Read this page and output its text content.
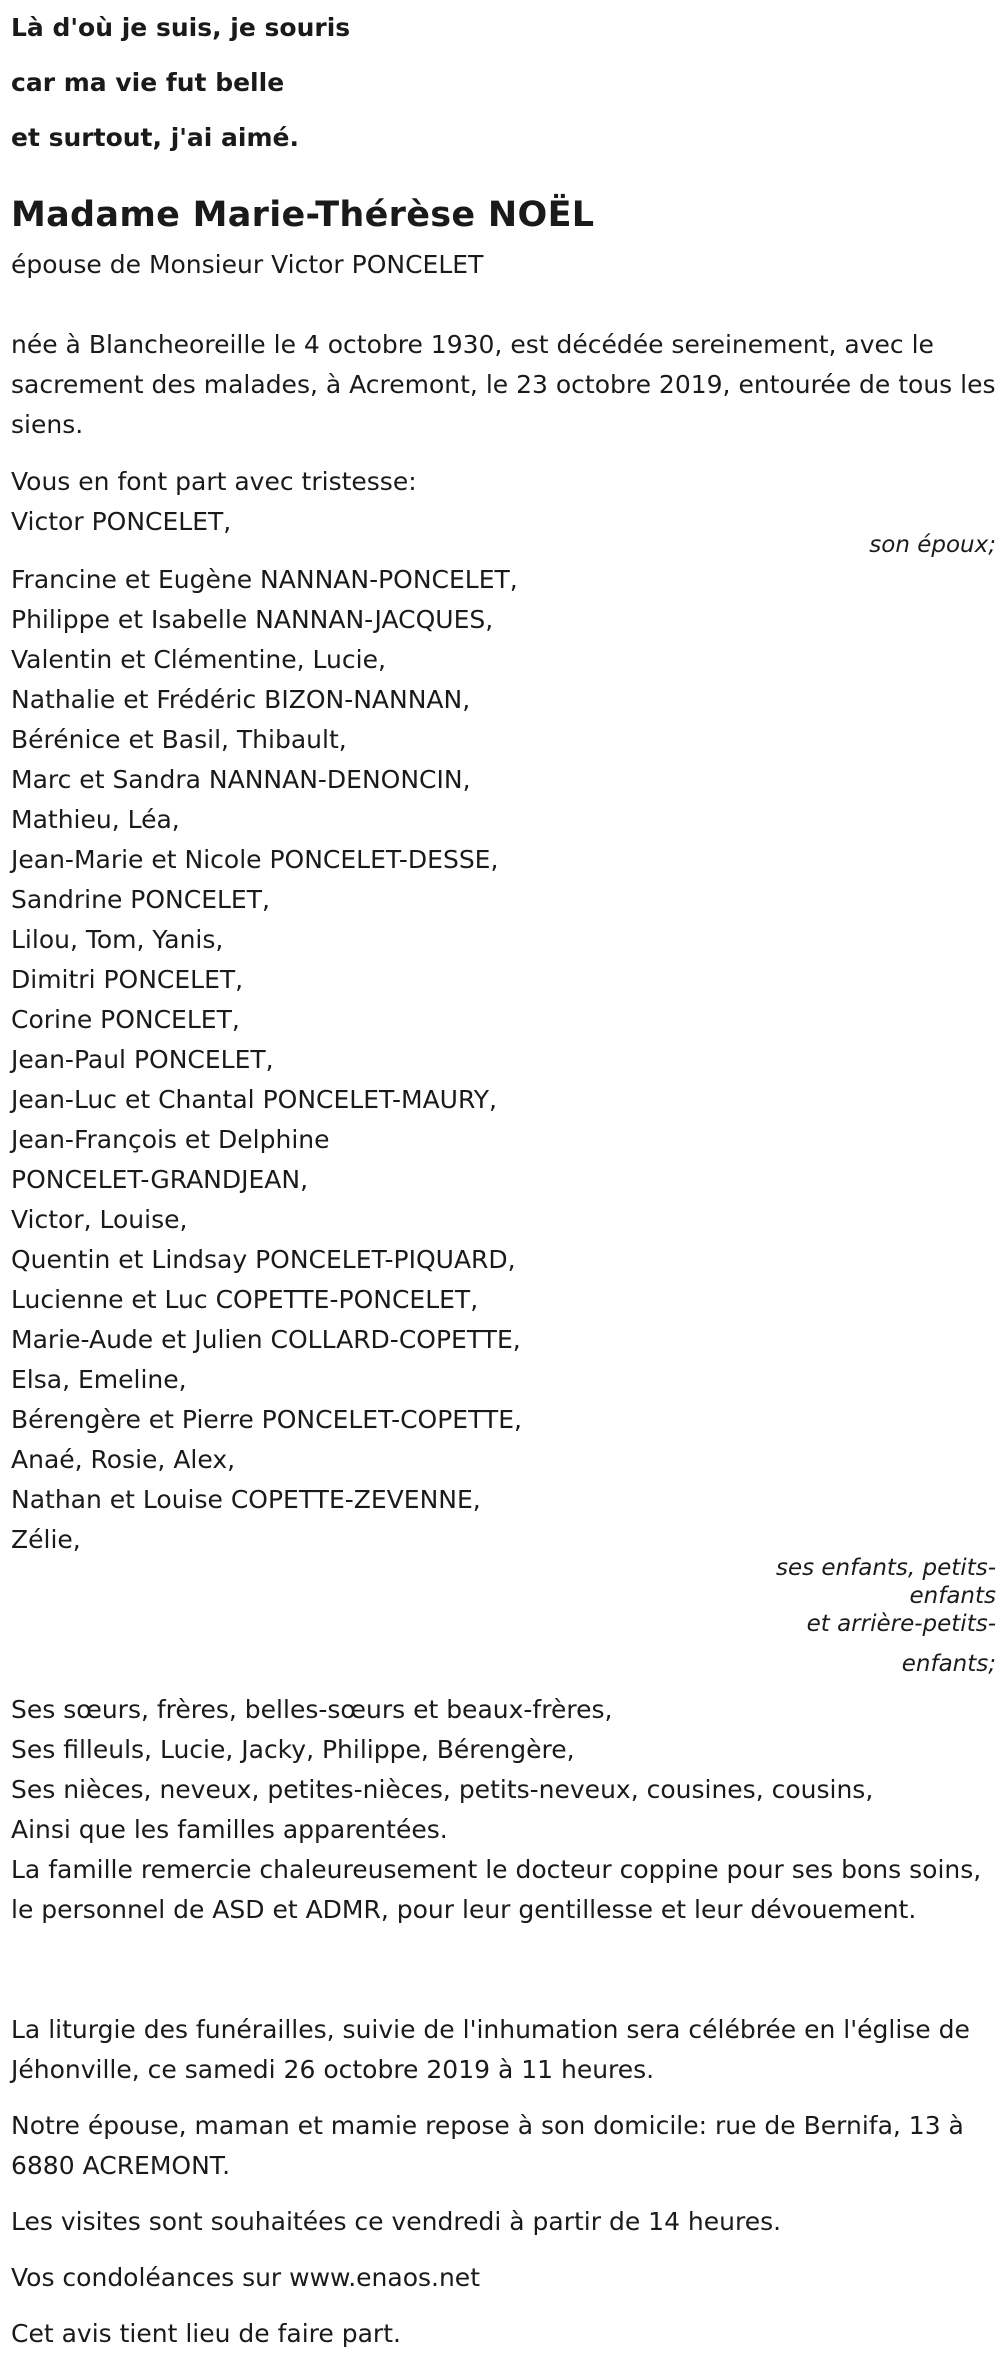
Là d'où je suis, je souris

car ma vie fut belle

et surtout, j'ai aimé.

Madame Marie-Thérèse NOËL
épouse de Monsieur Victor PONCELET
née à Blancheoreille le 4 octobre 1930, est décédée sereinement, avec le sacrement des malades, à Acremont, le 23 octobre 2019, entourée de tous les siens.
Vous en font part avec tristesse:
Victor PONCELET,
son époux;
Francine et Eugène NANNAN-PONCELET,
Philippe et Isabelle NANNAN-JACQUES,
Valentin et Clémentine, Lucie,
Nathalie et Frédéric BIZON-NANNAN,
Bérénice et Basil, Thibault,
Marc et Sandra NANNAN-DENONCIN,
Mathieu, Léa,
Jean-Marie et Nicole PONCELET-DESSE,
Sandrine PONCELET,
Lilou, Tom, Yanis,
Dimitri PONCELET,
Corine PONCELET,
Jean-Paul PONCELET,
Jean-Luc et Chantal PONCELET-MAURY,
Jean-François et Delphine
PONCELET-GRANDJEAN,
Victor, Louise,
Quentin et Lindsay PONCELET-PIQUARD,
Lucienne et Luc COPETTE-PONCELET,
Marie-Aude et Julien COLLARD-COPETTE,
Elsa, Emeline,
Bérengère et Pierre PONCELET-COPETTE,
Anaé, Rosie, Alex,
Nathan et Louise COPETTE-ZEVENNE,
Zélie,
ses enfants, petits-
enfants
et arrière-petits-
enfants;
Ses sœurs, frères, belles-sœurs et beaux-frères,
Ses filleuls, Lucie, Jacky, Philippe, Bérengère,
Ses nièces, neveux, petites-nièces, petits-neveux, cousines, cousins,
Ainsi que les familles apparentées.
La famille remercie chaleureusement le docteur coppine pour ses bons soins, le personnel de ASD et ADMR, pour leur gentillesse et leur dévouement.
La liturgie des funérailles, suivie de l'inhumation sera célébrée en l'église de Jéhonville, ce samedi 26 octobre 2019 à 11 heures.
Notre épouse, maman et mamie repose à son domicile: rue de Bernifa, 13 à 6880 ACREMONT.
Les visites sont souhaitées ce vendredi à partir de 14 heures.
Vos condoléances sur www.enaos.net
Cet avis tient lieu de faire part.
